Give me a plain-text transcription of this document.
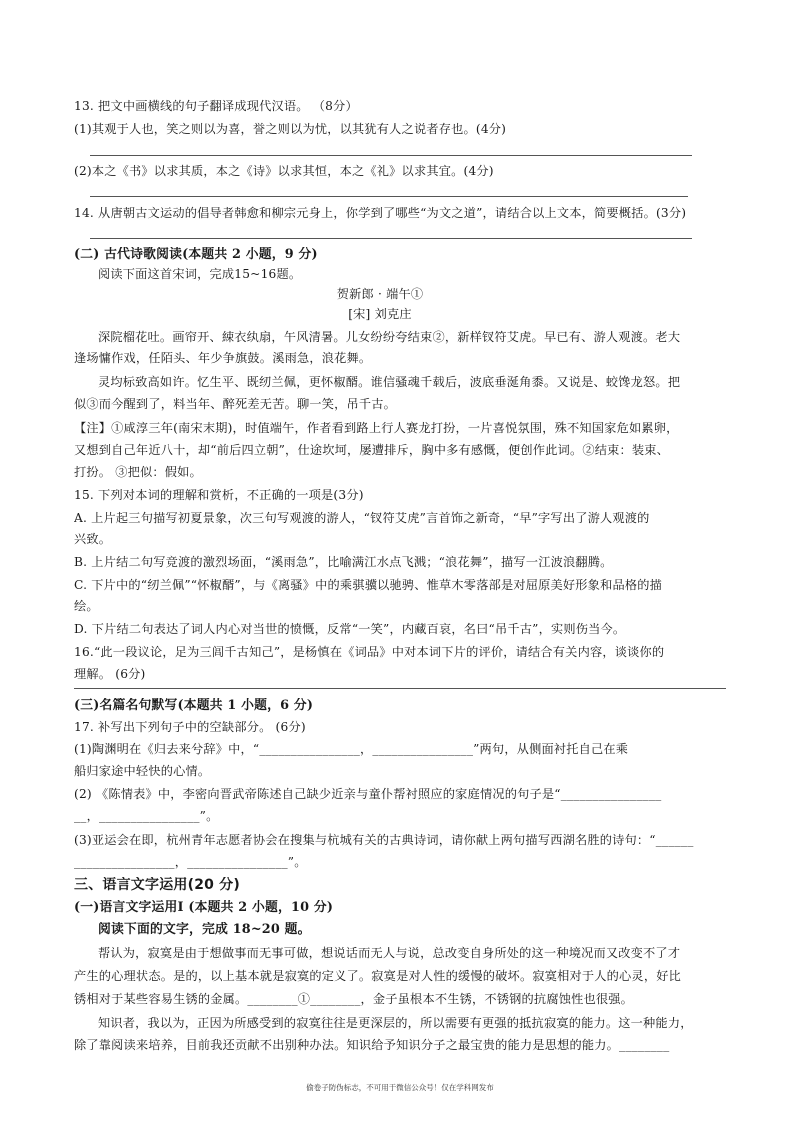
13. 把文中画横线的句子翻译成现代汉语。 （8分）
(1)其观于人也，笑之则以为喜，誉之则以为忧，以其犹有人之说者存也。(4分)
(2)本之《书》以求其质，本之《诗》以求其恒，本之《礼》以求其宜。(4分)
14. 从唐朝古文运动的倡导者韩愈和柳宗元身上，你学到了哪些“为文之道”，请结合以上文本，简要概括。(3分)
(二) 古代诗歌阅读(本题共 2 小题，9 分)
阅读下面这首宋词，完成15~16题。
贺新郎 · 端午①
[宋] 刘克庄
深院榴花吐。画帘开、綀衣纨扇，午风清暑。儿女纷纷夸结束②，新样钗符艾虎。早已有、游人观渡。老大
逢场慵作戏，任陌头、年少争旗鼓。溪雨急，浪花舞。
灵均标致高如许。忆生平、既纫兰佩，更怀椒醑。谁信骚魂千载后，波底垂涎角黍。又说是、蛟馋龙怒。把
似③而今醒到了，料当年、醉死差无苦。聊一笑，吊千古。
【注】①咸淳三年(南宋末期)，时值端午，作者看到路上行人赛龙打扮，一片喜悦氛围，殊不知国家危如累卵，
又想到自己年近八十，却“前后四立朝”，仕途坎坷，屡遭排斥，胸中多有感慨，便创作此词。②结束：装束、
打扮。 ③把似：假如。
15. 下列对本词的理解和赏析，不正确的一项是(3分)
A. 上片起三句描写初夏景象，次三句写观渡的游人，“钗符艾虎”言首饰之新奇，“早”字写出了游人观渡的
兴致。
B. 上片结二句写竞渡的激烈场面，“溪雨急”，比喻满江水点飞溅；“浪花舞”，描写一江波浪翻腾。
C. 下片中的“纫兰佩”“怀椒醑”，与《离骚》中的乘骐骥以驰骋、惟草木零落部是对屈原美好形象和品格的描
绘。
D. 下片结二句表达了词人内心对当世的愤慨，反常“一笑”，内藏百哀，名曰“吊千古”，实则伤当今。
16.“此一段议论，足为三闾千古知己”，是杨慎在《词品》中对本词下片的评价，请结合有关内容，谈谈你的
理解。 (6分)
(三)名篇名句默写(本题共 1 小题，6 分)
17. 补写出下列句子中的空缺部分。 (6分)
(1)陶渊明在《归去来兮辞》中，“________________，________________”两句，从侧面衬托自己在乘
船归家途中轻快的心情。
(2) 《陈情表》中，李密向晋武帝陈述自己缺少近亲与童仆帮衬照应的家庭情况的句子是“________________
__，________________”。
(3)亚运会在即，杭州青年志愿者协会在搜集与杭城有关的古典诗词，请你献上两句描写西湖名胜的诗句：“______
________________，________________”。
三、语言文字运用(20 分)
(一)语言文字运用Ⅰ (本题共 2 小题，10 分)
阅读下面的文字，完成 18~20 题。
帮认为，寂寞是由于想做事而无事可做，想说话而无人与说，总改变自身所处的这一种境况而又改变不了才
产生的心理状态。是的，以上基本就是寂寞的定义了。寂寞是对人性的缓慢的破坏。寂寞相对于人的心灵，好比
锈相对于某些容易生锈的金属。________①________，金子虽根本不生锈，不锈钢的抗腐蚀性也很强。
知识者，我以为，正因为所感受到的寂寞往往是更深层的，所以需要有更强的抵抗寂寞的能力。这一种能力，
除了靠阅读来培养，目前我还贡献不出别种办法。知识给予知识分子之最宝贵的能力是思想的能力。________
偷卷子防伪标志，不可用于微信公众号！仅在学科网发布
